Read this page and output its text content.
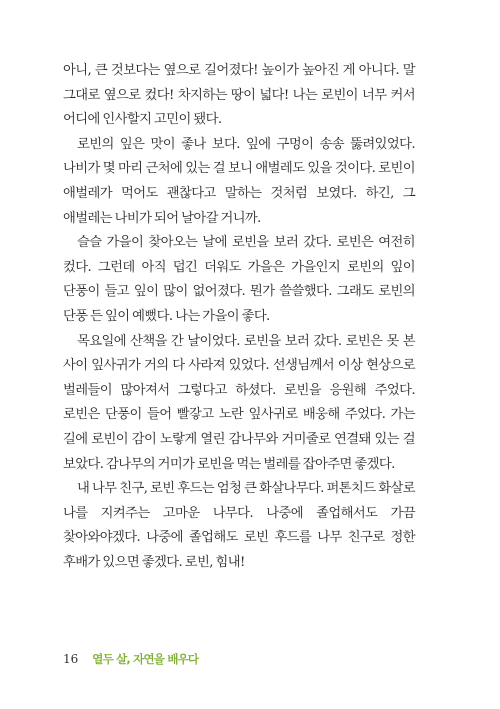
아니, 큰 것보다는 옆으로 길어졌다! 높이가 높아진 게 아니다. 말 그대로 옆으로 컸다! 차지하는 땅이 넓다! 나는 로빈이 너무 커서 어디에 인사할지 고민이 됐다.

로빈의 잎은 맛이 좋나 보다. 잎에 구멍이 송송 뚫려있었다. 나비가 몇 마리 근처에 있는 걸 보니 애벌레도 있을 것이다. 로빈이 애벌레가 먹어도 괜찮다고 말하는 것처럼 보였다. 하긴, 그 애벌레는 나비가 되어 날아갈 거니까.

슬슬 가을이 찾아오는 날에 로빈을 보러 갔다. 로빈은 여전히 컸다. 그런데 아직 덥긴 더워도 가을은 가을인지 로빈의 잎이 단풍이 들고 잎이 많이 없어졌다. 뭔가 쓸쓸했다. 그래도 로빈의 단풍 든 잎이 예뻤다. 나는 가을이 좋다.

목요일에 산책을 간 날이었다. 로빈을 보러 갔다. 로빈은 못 본 사이 잎사귀가 거의 다 사라져 있었다. 선생님께서 이상 현상으로 벌레들이 많아져서 그렇다고 하셨다. 로빈을 응원해 주었다. 로빈은 단풍이 들어 빨갛고 노란 잎사귀로 배웅해 주었다. 가는 길에 로빈이 감이 노랗게 열린 감나무와 거미줄로 연결돼 있는 걸 보았다. 감나무의 거미가 로빈을 먹는 벌레를 잡아주면 좋겠다.

내 나무 친구, 로빈 후드는 엄청 큰 화살나무다. 퍼톤치드 화살로 나를 지켜주는 고마운 나무다. 나중에 졸업해서도 가끔 찾아와야겠다. 나중에 졸업해도 로빈 후드를 나무 친구로 정한 후배가 있으면 좋겠다. 로빈, 힘내!

16 열두 살, 자연을 배우다
